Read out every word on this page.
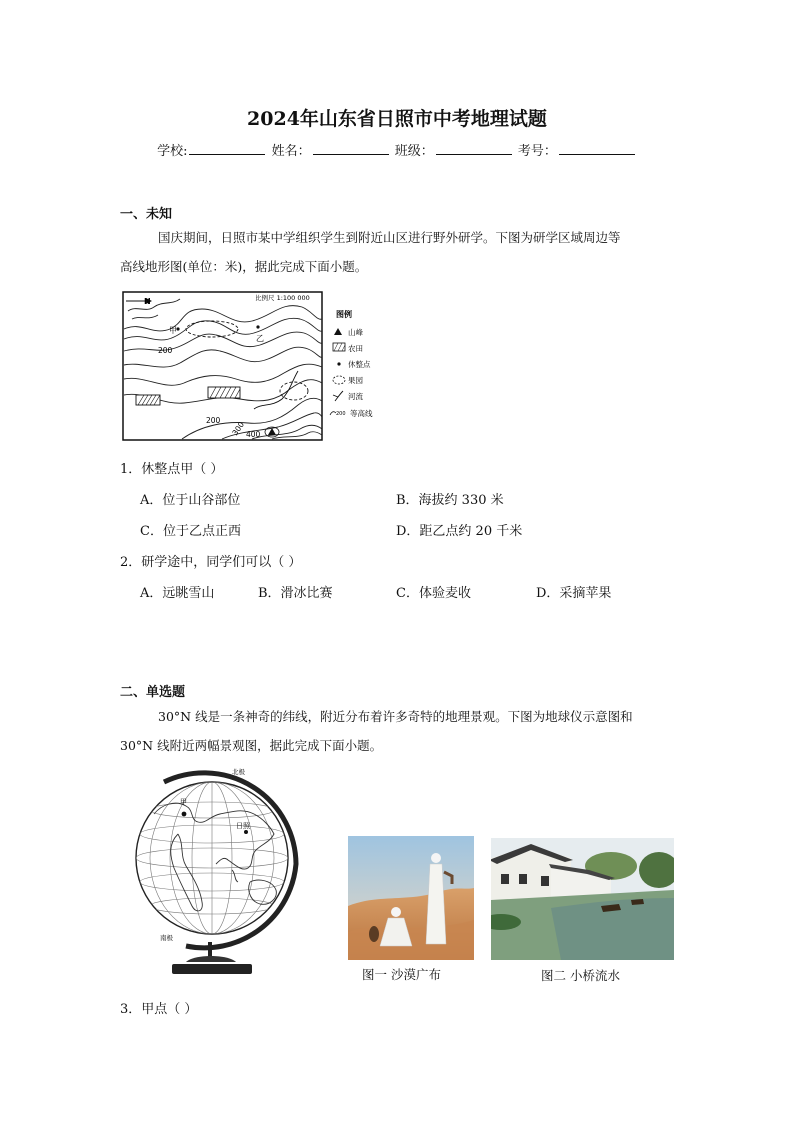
2024年山东省日照市中考地理试题
学校:	姓名：	班级：	考号：
一、未知
国庆期间，日照市某中学组织学生到附近山区进行野外研学。下图为研学区域周边等
高线地形图(单位：米)，据此完成下面小题。
N	比例尺 1:100 000
甲
乙
200
200 300 400
图例
山峰
农田
休整点
果园
河流
200 等高线
1．休整点甲（ ）
A．位于山谷部位	B．海拔约 330 米
C．位于乙点正西	D．距乙点约 20 千米
2．研学途中，同学们可以（ ）
A．远眺雪山	B．滑冰比赛	C．体验麦收	D．采摘苹果
二、单选题
30°N 线是一条神奇的纬线，附近分布着许多奇特的地理景观。下图为地球仪示意图和
30°N 线附近两幅景观图，据此完成下面小题。
甲
日照
北极
南极
图一 沙漠广布	图二 小桥流水
3．甲点（ ）
